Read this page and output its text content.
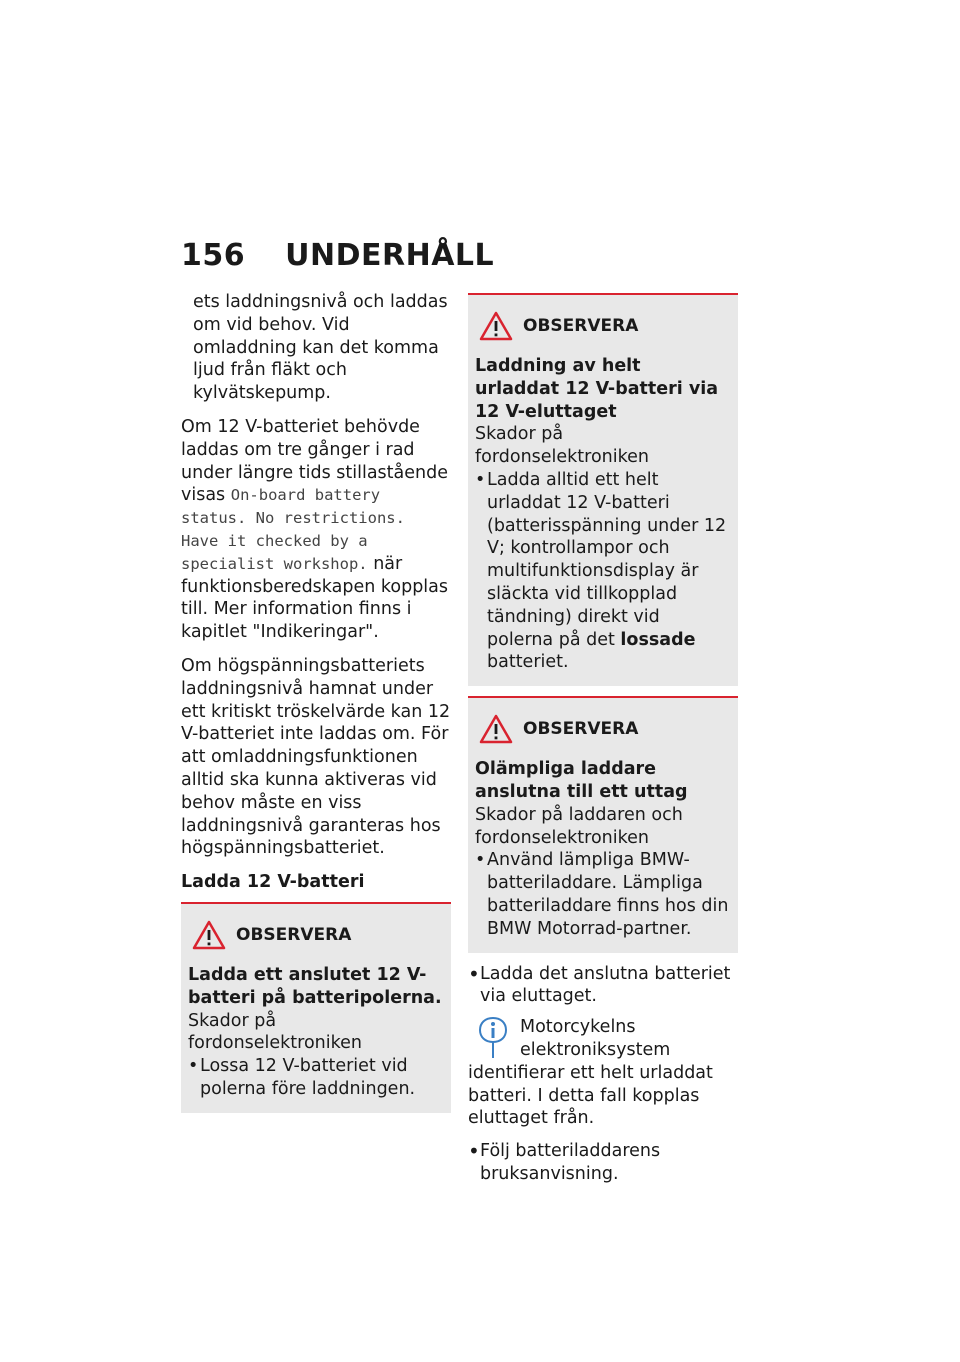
156 UNDERHÅLL

ets laddningsnivå och laddas om vid behov. Vid omladdning kan det komma ljud från fläkt och kylvätskepump.

Om 12 V-batteriet behövde laddas om tre gånger i rad under längre tids stillastående visas On-board battery status. No restrictions. Have it checked by a specialist workshop. när funktionsberedskapen kopplas till. Mer information finns i kapitlet "Indikeringar".

Om högspänningsbatteriets laddningsnivå hamnat under ett kritiskt tröskelvärde kan 12 V-batteriet inte laddas om. För att omladdningsfunktionen alltid ska kunna aktiveras vid behov måste en viss laddningsnivå garanteras hos högspänningsbatteriet.

Ladda 12 V-batteri
OBSERVERA
Ladda ett anslutet 12 V-batteri på batteripolerna.
Skador på fordonselektroniken
• Lossa 12 V-batteriet vid polerna före laddningen.
OBSERVERA
Laddning av helt urladdat 12 V-batteri via 12 V-eluttaget
Skador på fordonselektroniken
• Ladda alltid ett helt urladdat 12 V-batteri (batterisspänning under 12 V; kontrollampor och multifunktionsdisplay är släckta vid tillkopplad tändning) direkt vid polerna på det lossade batteriet.
OBSERVERA
Olämpliga laddare anslutna till ett uttag
Skador på laddaren och fordonselektroniken
• Använd lämpliga BMW-batteriladdare. Lämpliga batteriladdare finns hos din BMW Motorrad-partner.
• Ladda det anslutna batteriet via eluttaget.

Motorcykelns elektroniksystem identifierar ett helt urladdat batteri. I detta fall kopplas eluttaget från.

• Följ batteriladdarens bruksanvisning.
